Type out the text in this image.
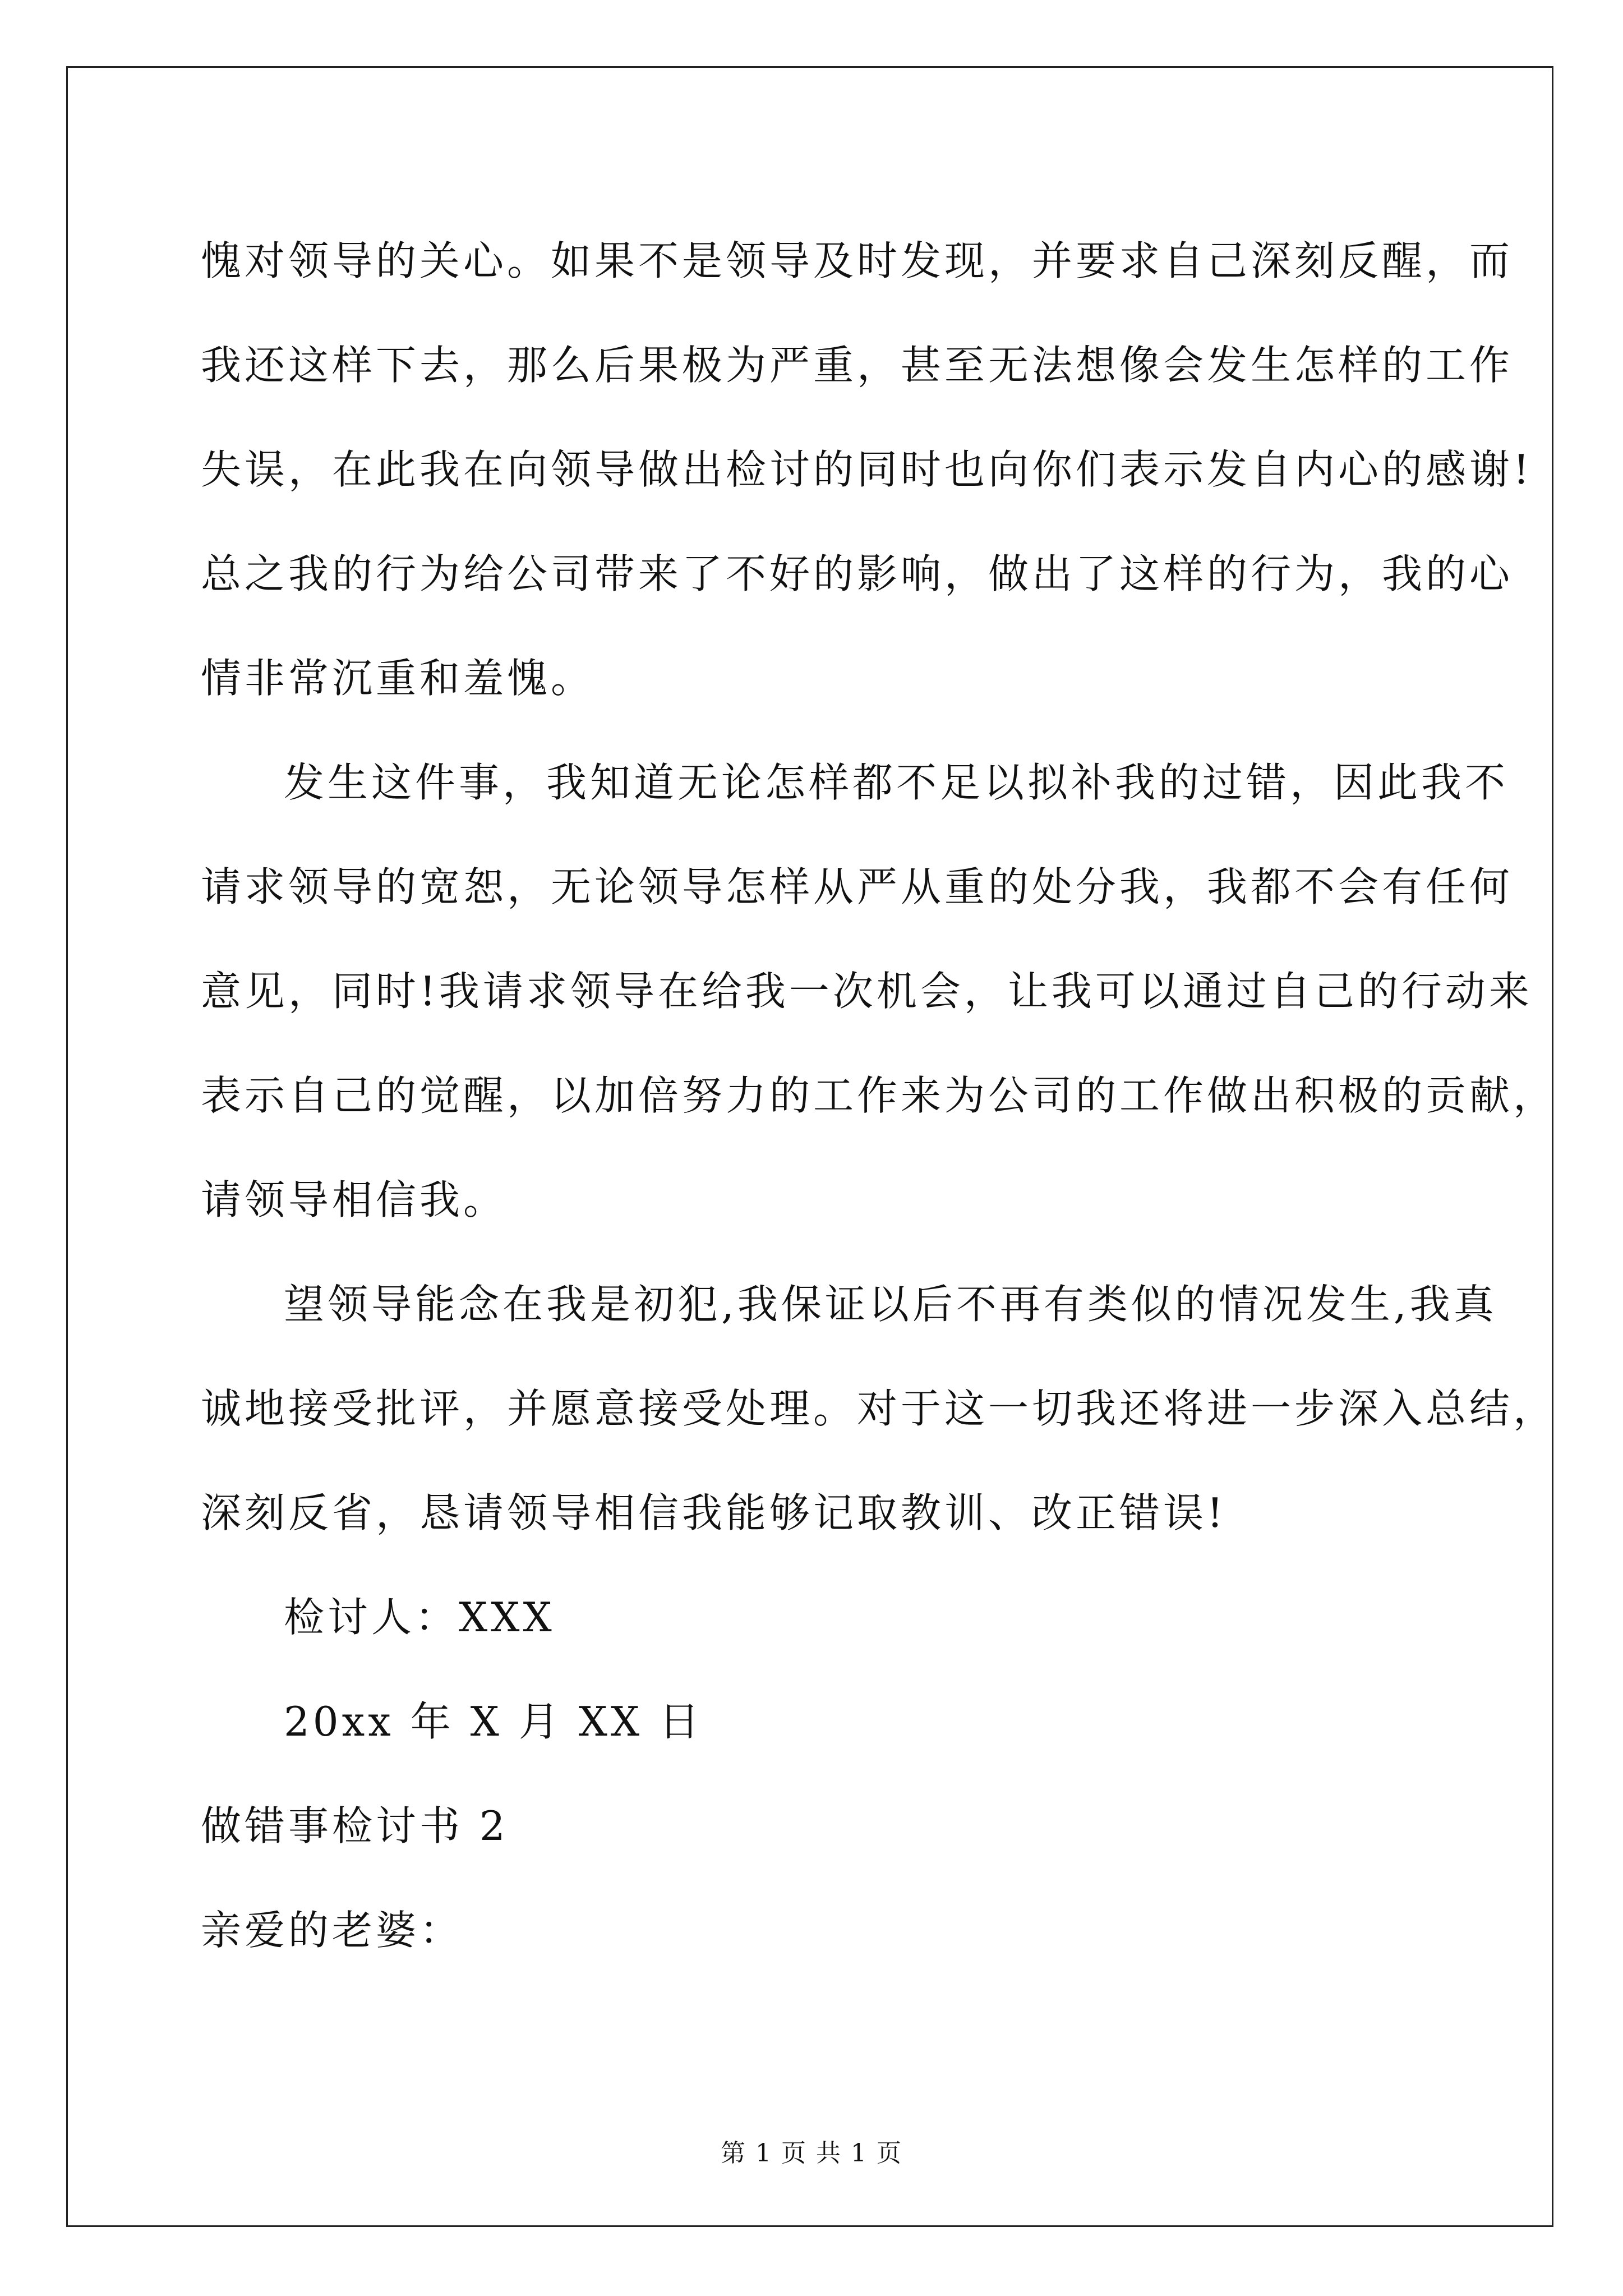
愧对领导的关心。如果不是领导及时发现，并要求自己深刻反醒，而
我还这样下去，那么后果极为严重，甚至无法想像会发生怎样的工作
失误，在此我在向领导做出检讨的同时也向你们表示发自内心的感谢!
总之我的行为给公司带来了不好的影响，做出了这样的行为，我的心
情非常沉重和羞愧。
发生这件事，我知道无论怎样都不足以拟补我的过错，因此我不
请求领导的宽恕，无论领导怎样从严从重的处分我，我都不会有任何
意见，同时!我请求领导在给我一次机会，让我可以通过自己的行动来
表示自己的觉醒，以加倍努力的工作来为公司的工作做出积极的贡献，
请领导相信我。
望领导能念在我是初犯,我保证以后不再有类似的情况发生,我真
诚地接受批评，并愿意接受处理。对于这一切我还将进一步深入总结，
深刻反省，恳请领导相信我能够记取教训、改正错误!
检讨人：XXX
20xx 年 X 月 XX 日
做错事检讨书 2
亲爱的老婆：
第 1 页 共 1 页
